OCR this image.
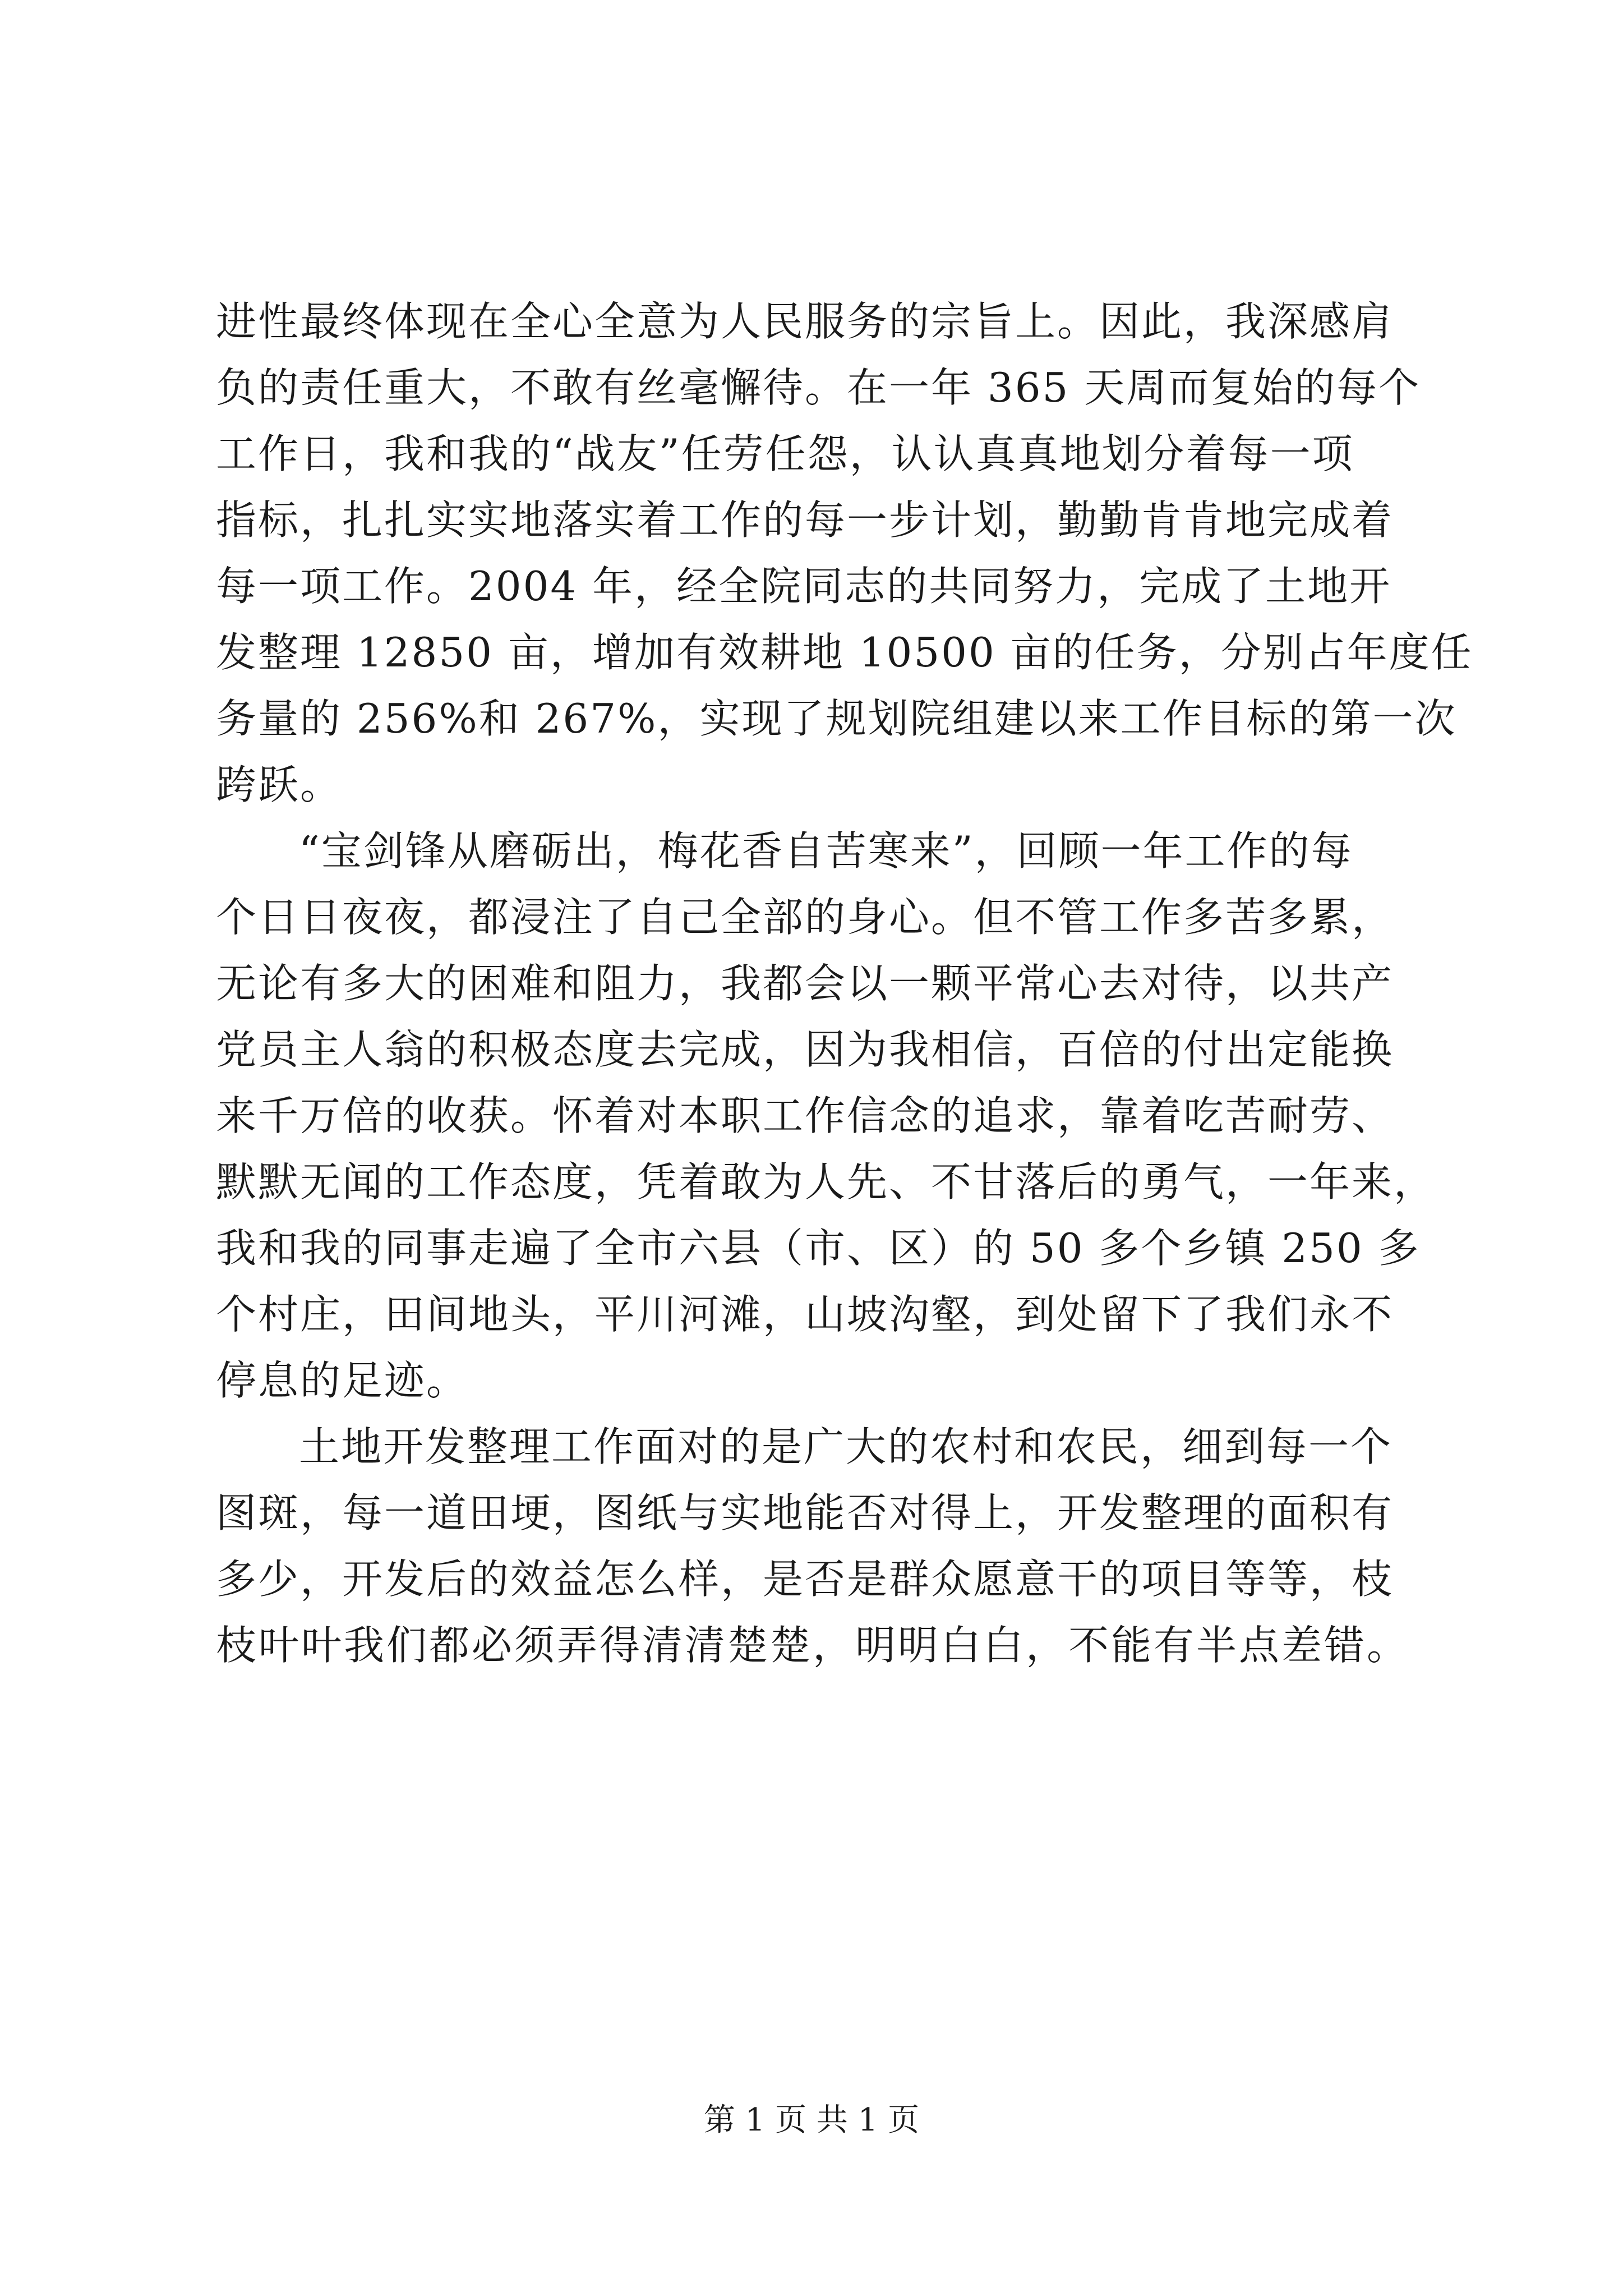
进性最终体现在全心全意为人民服务的宗旨上。因此，我深感肩
负的责任重大，不敢有丝毫懈待。在一年 365 天周而复始的每个
工作日，我和我的“战友”任劳任怨，认认真真地划分着每一项
指标，扎扎实实地落实着工作的每一步计划，勤勤肯肯地完成着
每一项工作。2004 年，经全院同志的共同努力，完成了土地开
发整理 12850 亩，增加有效耕地 10500 亩的任务，分别占年度任
务量的 256%和 267%，实现了规划院组建以来工作目标的第一次
跨跃。
“宝剑锋从磨砺出，梅花香自苦寒来”，回顾一年工作的每
个日日夜夜，都浸注了自己全部的身心。但不管工作多苦多累，
无论有多大的困难和阻力，我都会以一颗平常心去对待，以共产
党员主人翁的积极态度去完成，因为我相信，百倍的付出定能换
来千万倍的收获。怀着对本职工作信念的追求，靠着吃苦耐劳、
默默无闻的工作态度，凭着敢为人先、不甘落后的勇气，一年来，
我和我的同事走遍了全市六县（市、区）的 50 多个乡镇 250 多
个村庄，田间地头，平川河滩，山坡沟壑，到处留下了我们永不
停息的足迹。
土地开发整理工作面对的是广大的农村和农民，细到每一个
图斑，每一道田埂，图纸与实地能否对得上，开发整理的面积有
多少，开发后的效益怎么样，是否是群众愿意干的项目等等，枝
枝叶叶我们都必须弄得清清楚楚，明明白白，不能有半点差错。
第 1 页 共 1 页
